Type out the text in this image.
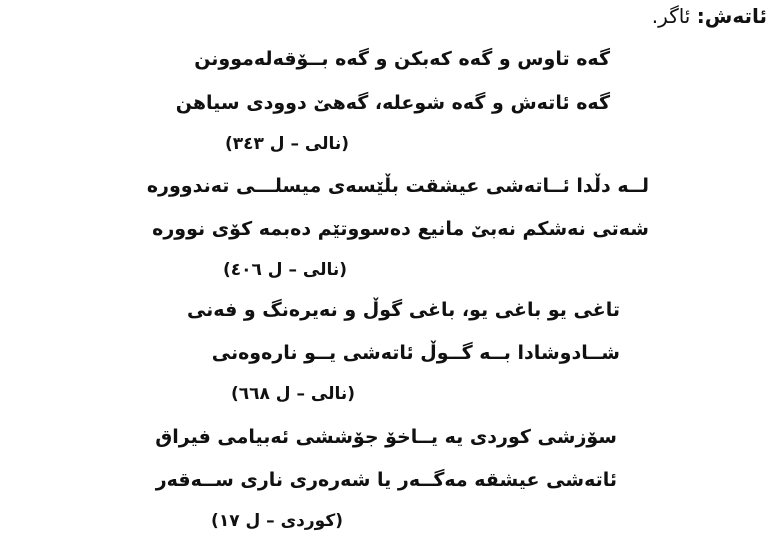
ئاتەش: ئاگر.
گەه تاوس و گەه کەبکن و گەه بــۆقەلەموونن
گەه ئاتەش و گەه شوعلە، گەهێ دوودی سیاهن
(نالی – ل ٣٤٣)
لــە دڵدا ئــاتەشی عیشقت بڵێسەی میسلـــی تەندووره
شەتی نەشکم نەبێ مانیع دەسووتێم دەبمە کۆی نووره
(نالی – ل ٤٠٦)
تاغی یو باغی یو، باغی گوڵ و نەیرەنگ و فەنی
شــادوشادا بــە گــوڵ ئاتەشی یــو نارەوەنی
(نالی – ل ٦٦٨)
سۆزشی کوردی یە یــاخۆ جۆششی ئەبیامی فیراق
ئاتەشی عیشقە مەگــەر یا شەرەری ناری ســەقەر
(کوردی – ل ١٧)
